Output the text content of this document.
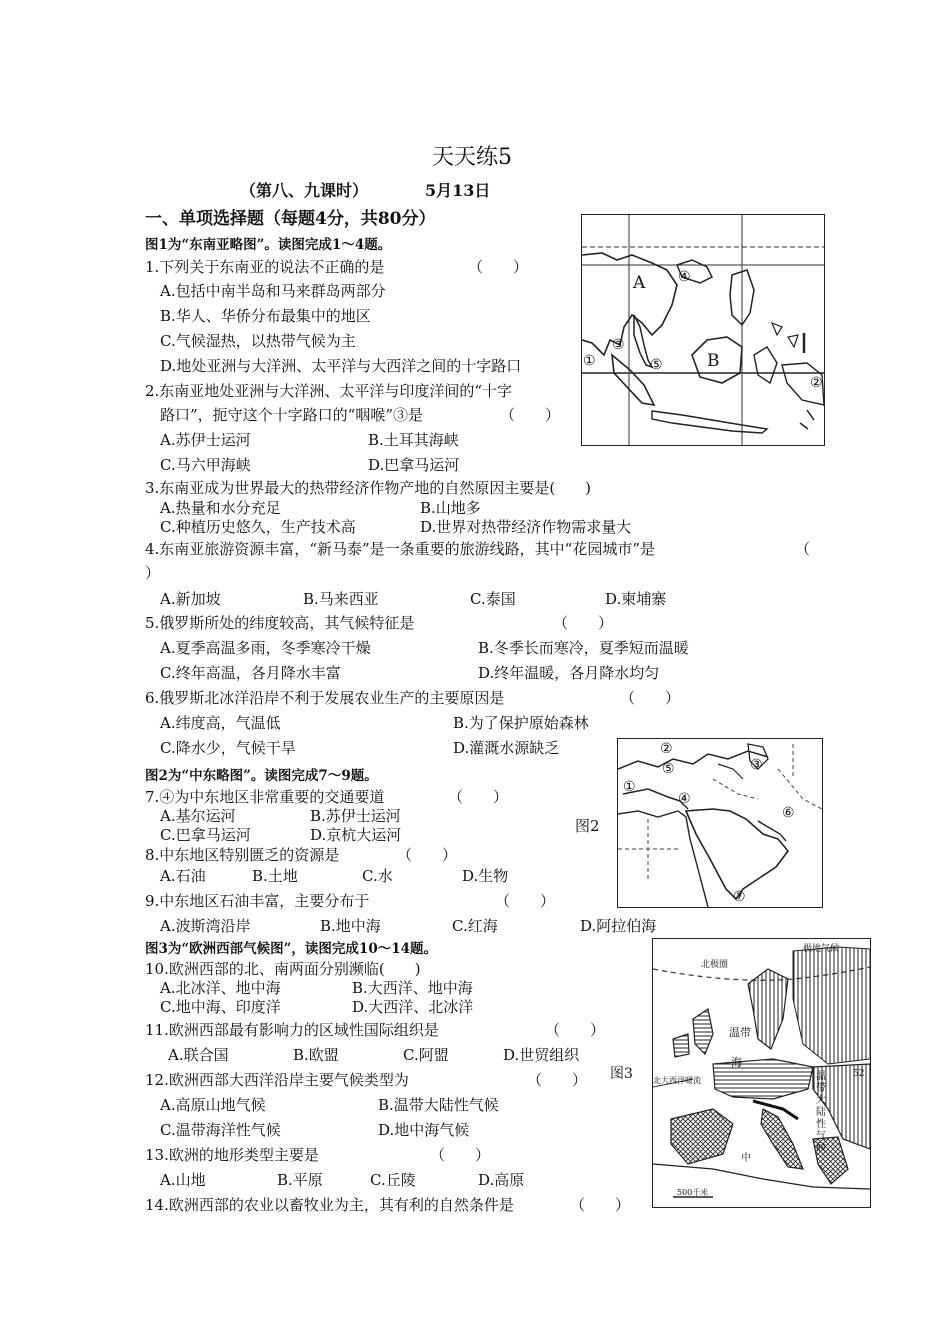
天天练5
（第八、九课时）	5月13日
一、单项选择题（每题4分，共80分）
图1为“东南亚略图”。读图完成1～4题。
1.下列关于东南亚的说法不正确的是	（　　）
A.包括中南半岛和马来群岛两部分
B.华人、华侨分布最集中的地区
C.气候湿热，以热带气候为主
D.地处亚洲与大洋洲、太平洋与大西洋之间的十字路口
2.东南亚地处亚洲与大洋洲、太平洋与印度洋间的“十字
路口”，扼守这个十字路口的“咽喉”③是	（　　）
A.苏伊士运河	B.土耳其海峡
C.马六甲海峡	D.巴拿马运河
A
B
①
②
③
④
⑤
3.东南亚成为世界最大的热带经济作物产地的自然原因主要是(　　)
A.热量和水分充足	B.山地多
C.种植历史悠久，生产技术高	D.世界对热带经济作物需求量大
4.东南亚旅游资源丰富，“新马泰”是一条重要的旅游线路，其中“花园城市”是	（
）
A.新加坡	B.马来西亚	C.泰国	D.柬埔寨
5.俄罗斯所处的纬度较高，其气候特征是	（　　）
A.夏季高温多雨，冬季寒冷干燥	B.冬季长而寒冷，夏季短而温暖
C.终年高温，各月降水丰富	D.终年温暖，各月降水均匀
6.俄罗斯北冰洋沿岸不利于发展农业生产的主要原因是	（　　）
A.纬度高，气温低	B.为了保护原始森林
C.降水少，气候干旱	D.灌溉水源缺乏
图2为“中东略图”。读图完成7～9题。
7.④为中东地区非常重要的交通要道	（　　）
A.基尔运河	B.苏伊士运河
C.巴拿马运河	D.京杭大运河
8.中东地区特别匮乏的资源是	（　　）
A.石油	B.土地	C.水	D.生物
9.中东地区石油丰富，主要分布于	（　　）
A.波斯湾沿岸	B.地中海	C.红海	D.阿拉伯海
图2
①
②
③
④
⑤
⑥
⑦
图3为“欧洲西部气候图”，读图完成10～14题。
10.欧洲西部的北、南两面分别濒临(　　)
A.北冰洋、地中海	B.大西洋、地中海
C.地中海、印度洋	D.大西洋、北冰洋
11.欧洲西部最有影响力的区域性国际组织是	（　　）
A.联合国	B.欧盟	C.阿盟	D.世贸组织
12.欧洲西部大西洋沿岸主要气候类型为	（　　）
A.高原山地气候	B.温带大陆性气候
C.温带海洋性气候	D.地中海气候
13.欧洲的地形类型主要是	（　　）
A.山地	B.平原	C.丘陵	D.高原
14.欧洲西部的农业以畜牧业为主，其有利的自然条件是	（　　）
图3
极地气候
北极圈
温带
海
北大西洋暖流	温带大陆性气候
52
中
500千米
